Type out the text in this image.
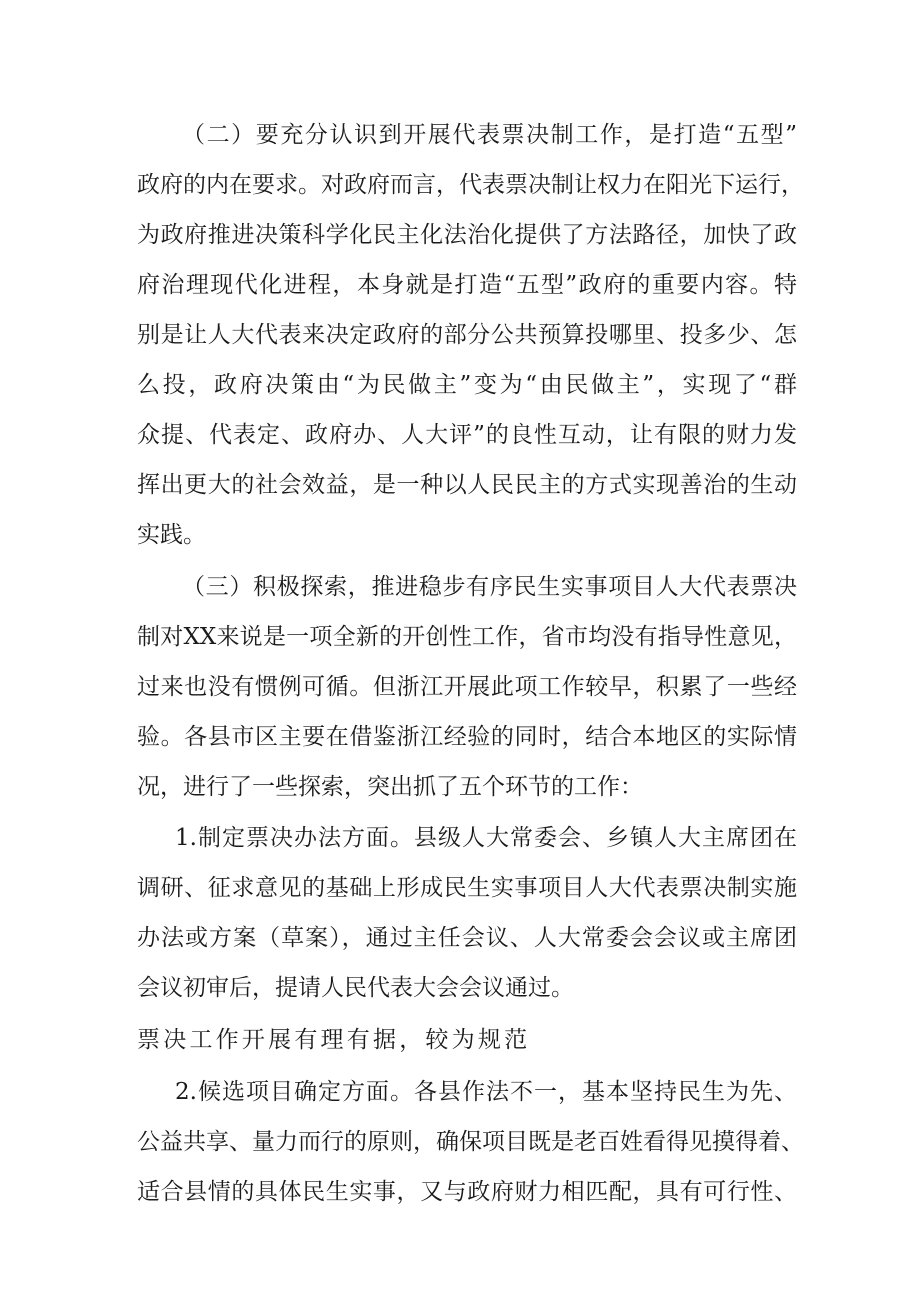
（二）要充分认识到开展代表票决制工作，是打造“五型”
政府的内在要求。对政府而言，代表票决制让权力在阳光下运行，
为政府推进决策科学化民主化法治化提供了方法路径，加快了政
府治理现代化进程，本身就是打造“五型”政府的重要内容。特
别是让人大代表来决定政府的部分公共预算投哪里、投多少、怎
么投，政府决策由“为民做主”变为“由民做主”，实现了“群
众提、代表定、政府办、人大评”的良性互动，让有限的财力发
挥出更大的社会效益，是一种以人民民主的方式实现善治的生动
实践。
（三）积极探索，推进稳步有序民生实事项目人大代表票决
制对XX来说是一项全新的开创性工作，省市均没有指导性意见，
过来也没有惯例可循。但浙江开展此项工作较早，积累了一些经
验。各县市区主要在借鉴浙江经验的同时，结合本地区的实际情
况，进行了一些探索，突出抓了五个环节的工作：
1.制定票决办法方面。县级人大常委会、乡镇人大主席团在
调研、征求意见的基础上形成民生实事项目人大代表票决制实施
办法或方案（草案），通过主任会议、人大常委会会议或主席团
会议初审后，提请人民代表大会会议通过。
票决工作开展有理有据，较为规范
2.候选项目确定方面。各县作法不一，基本坚持民生为先、
公益共享、量力而行的原则，确保项目既是老百姓看得见摸得着、
适合县情的具体民生实事，又与政府财力相匹配，具有可行性、
